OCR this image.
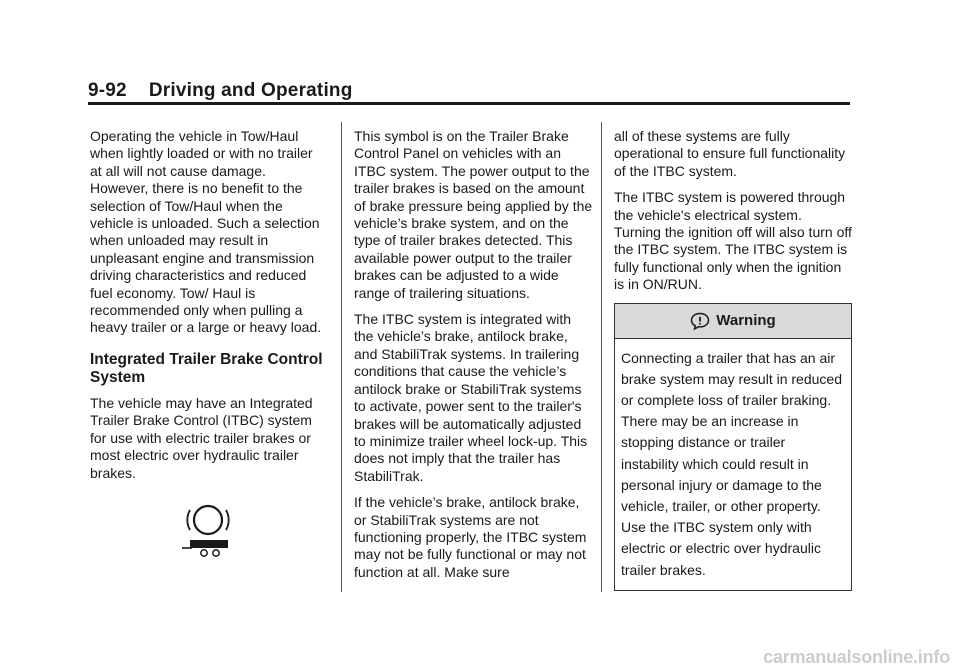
9-92 Driving and Operating

Operating the vehicle in Tow/Haul when lightly loaded or with no trailer at all will not cause damage. However, there is no benefit to the selection of Tow/Haul when the vehicle is unloaded. Such a selection when unloaded may result in unpleasant engine and transmission driving characteristics and reduced fuel economy. Tow/ Haul is recommended only when pulling a heavy trailer or a large or heavy load.

Integrated Trailer Brake Control System

The vehicle may have an Integrated Trailer Brake Control (ITBC) system for use with electric trailer brakes or most electric over hydraulic trailer brakes.

This symbol is on the Trailer Brake Control Panel on vehicles with an ITBC system. The power output to the trailer brakes is based on the amount of brake pressure being applied by the vehicle’s brake system, and on the type of trailer brakes detected. This available power output to the trailer brakes can be adjusted to a wide range of trailering situations.

The ITBC system is integrated with the vehicle’s brake, antilock brake, and StabiliTrak systems. In trailering conditions that cause the vehicle’s antilock brake or StabiliTrak systems to activate, power sent to the trailer's brakes will be automatically adjusted to minimize trailer wheel lock-up. This does not imply that the trailer has StabiliTrak.

If the vehicle’s brake, antilock brake, or StabiliTrak systems are not functioning properly, the ITBC system may not be fully functional or may not function at all. Make sure

all of these systems are fully operational to ensure full functionality of the ITBC system.

The ITBC system is powered through the vehicle's electrical system. Turning the ignition off will also turn off the ITBC system. The ITBC system is fully functional only when the ignition is in ON/RUN.

Warning
Connecting a trailer that has an air brake system may result in reduced or complete loss of trailer braking. There may be an increase in stopping distance or trailer instability which could result in personal injury or damage to the vehicle, trailer, or other property. Use the ITBC system only with electric or electric over hydraulic trailer brakes.
carmanualsonline.info
